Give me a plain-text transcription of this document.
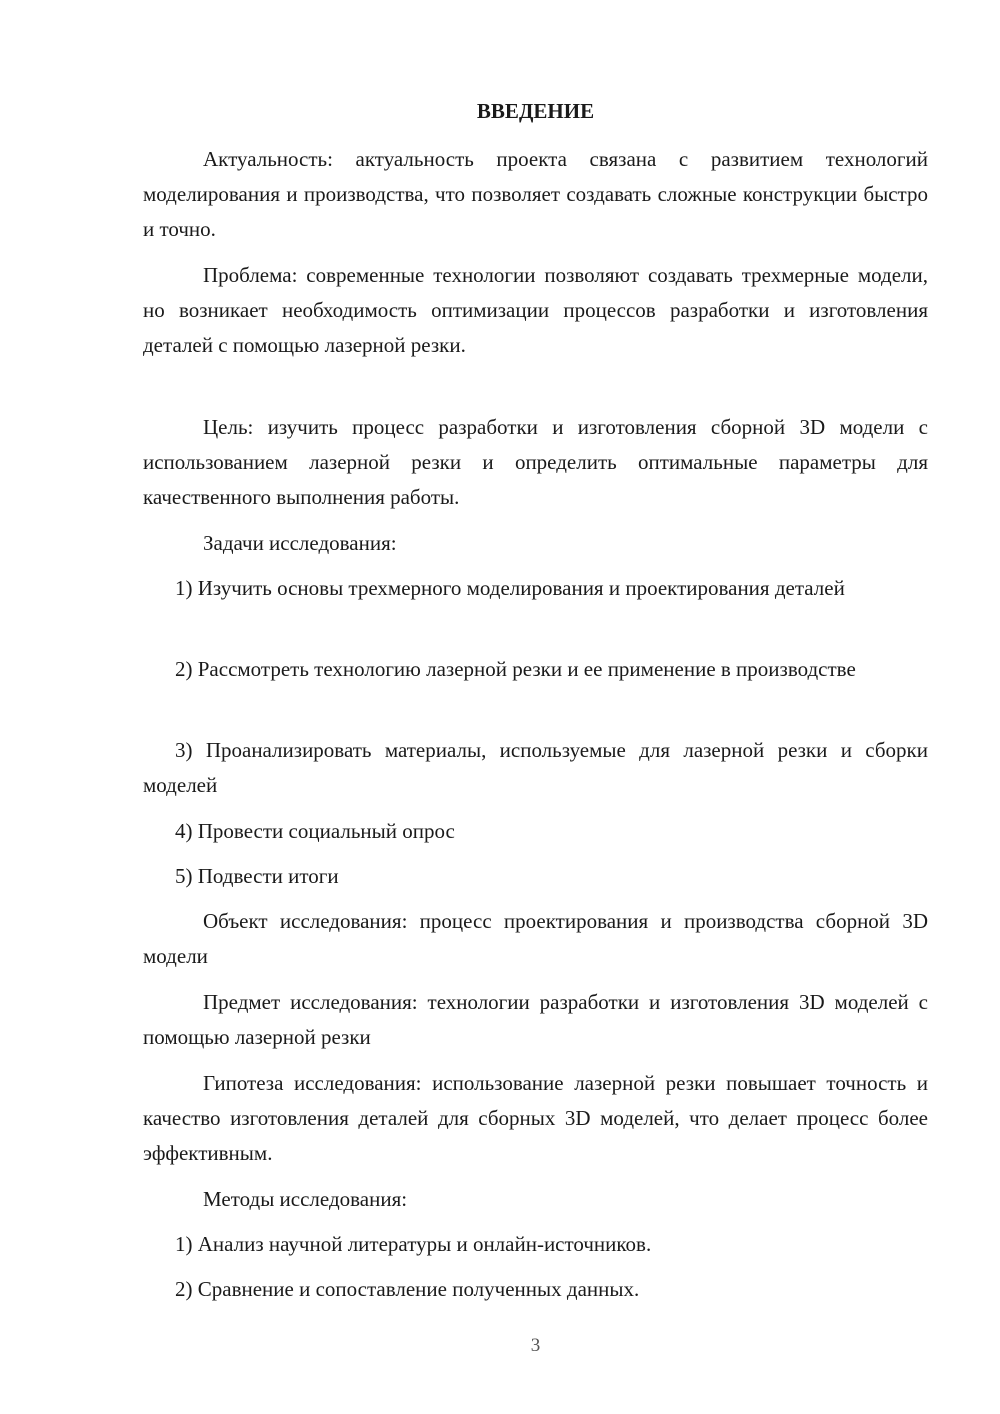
ВВЕДЕНИЕ

Актуальность: актуальность проекта связана с развитием технологий моделирования и производства, что позволяет создавать сложные конструкции быстро и точно.

Проблема: современные технологии позволяют создавать трехмерные модели, но возникает необходимость оптимизации процессов разработки и изготовления деталей с помощью лазерной резки.

Цель: изучить процесс разработки и изготовления сборной 3D модели с использованием лазерной резки и определить оптимальные параметры для качественного выполнения работы.

Задачи исследования:

1) Изучить основы трехмерного моделирования и проектирования деталей

2) Рассмотреть технологию лазерной резки и ее применение в производстве

3) Проанализировать материалы, используемые для лазерной резки и сборки моделей

4) Провести социальный опрос

5) Подвести итоги

Объект исследования: процесс проектирования и производства сборной 3D модели

Предмет исследования: технологии разработки и изготовления 3D моделей с помощью лазерной резки

Гипотеза исследования: использование лазерной резки повышает точность и качество изготовления деталей для сборных 3D моделей, что делает процесс более эффективным.

Методы исследования:

1) Анализ научной литературы и онлайн-источников.

2) Сравнение и сопоставление полученных данных.

3
